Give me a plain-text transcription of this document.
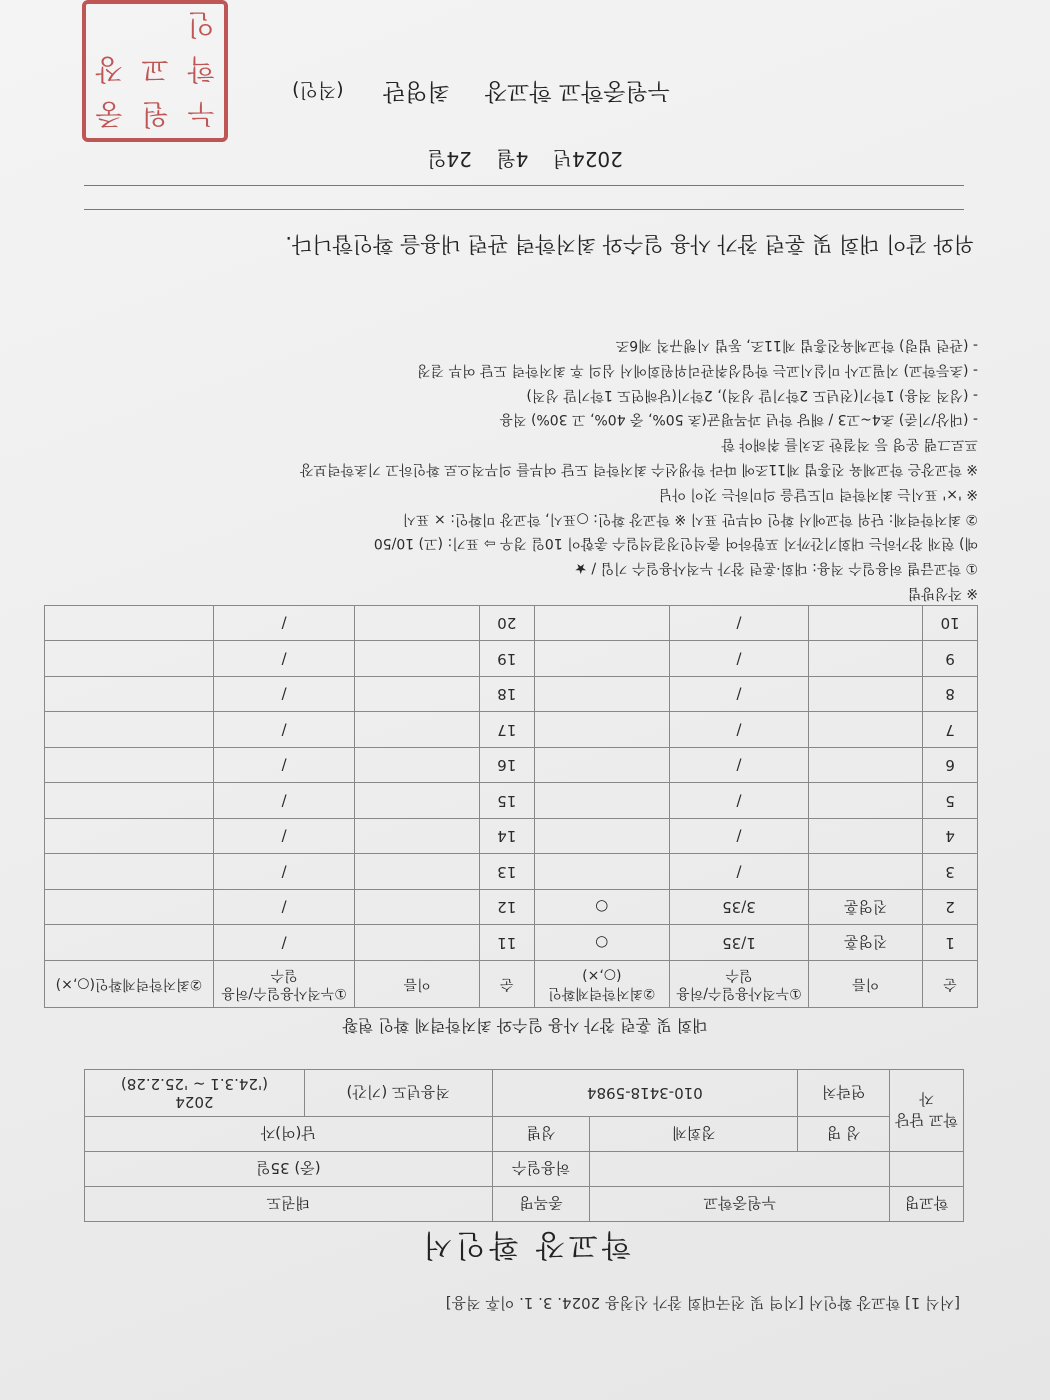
[서식 1] 학교장 확인서 [지역 및 전국대회 참가 신청용 2024. 3. 1. 이후 적용]
학교장 확인서
학교명	누원중학교		종목명	태권도	
			허용일수	(중) 35일	
학교 담당자	성 명	정회제	성별	남(여)자	
	연락처	010-3418-5984		적용년도 (기간)	2024
('24.3.1 ~ '25.2.28)
대회 및 훈련 참가 사용 일수와 최저학력제 확인 현황
순	이름	①누적사용일수/허용일수	②최저학력제확인(○,×)	순	이름	①누적사용일수/허용일수	②최저학력제확인(○,×)
1	진영훈	1/35	○	11		/	
2	진영훈	3/35	○	12		/	
3		/		13		/	
4		/		14		/	
5		/		15		/	
6		/		16		/	
7		/		17		/	
8		/		18		/	
9		/		19		/	
10		/		20		/	
※ 작성방법
① 학교급별 허용일수 적용: 대회·훈련 참가 누적사용일수 기입 / ★
예) 현재 참가하는 대회기간까지 포함하여 출석인정결석일수 총합이 10일 경우 ⇨ 표기: (고) 10/50
② 최저학력제: 단위 학교에서 확인 여부만 표시 ※ 학교장 확인: ○표시, 학교장 미확인: × 표시
※ '×' 표시는 최저학력 미도달을 의미하는 것이 아님
※ 학교장은 학교체육 진흥법 제11조에 따라 학생선수 최저학력 도달 여부를 의무적으로 확인하고 기초학력보장
프로그램 운영 등 적절한 조치를 취해야 함
- (대상/기준) 초4~고3 / 해당 학년 과목평균(초 50%, 중 40%, 고 30%) 적용
- (성적 적용) 1학기(전년도 2학기말 성적), 2학기(당해연도 1학기말 성적)
- (초등학교) 지필고사 미실시교는 학업성취관리위원회에서 심의 후 최저학력 도달 여부 결정
- (관련 법령) 학교체육진흥법 제11조, 동법 시행규칙 제6조
위와 같이 대회 및 훈련 참가 사용 일수와 최저학력 관련 내용을 확인합니다.
2024년 4월 24일
누원중학교 학교장 최영란 (직인)
누
원
중
학
교
장
인
